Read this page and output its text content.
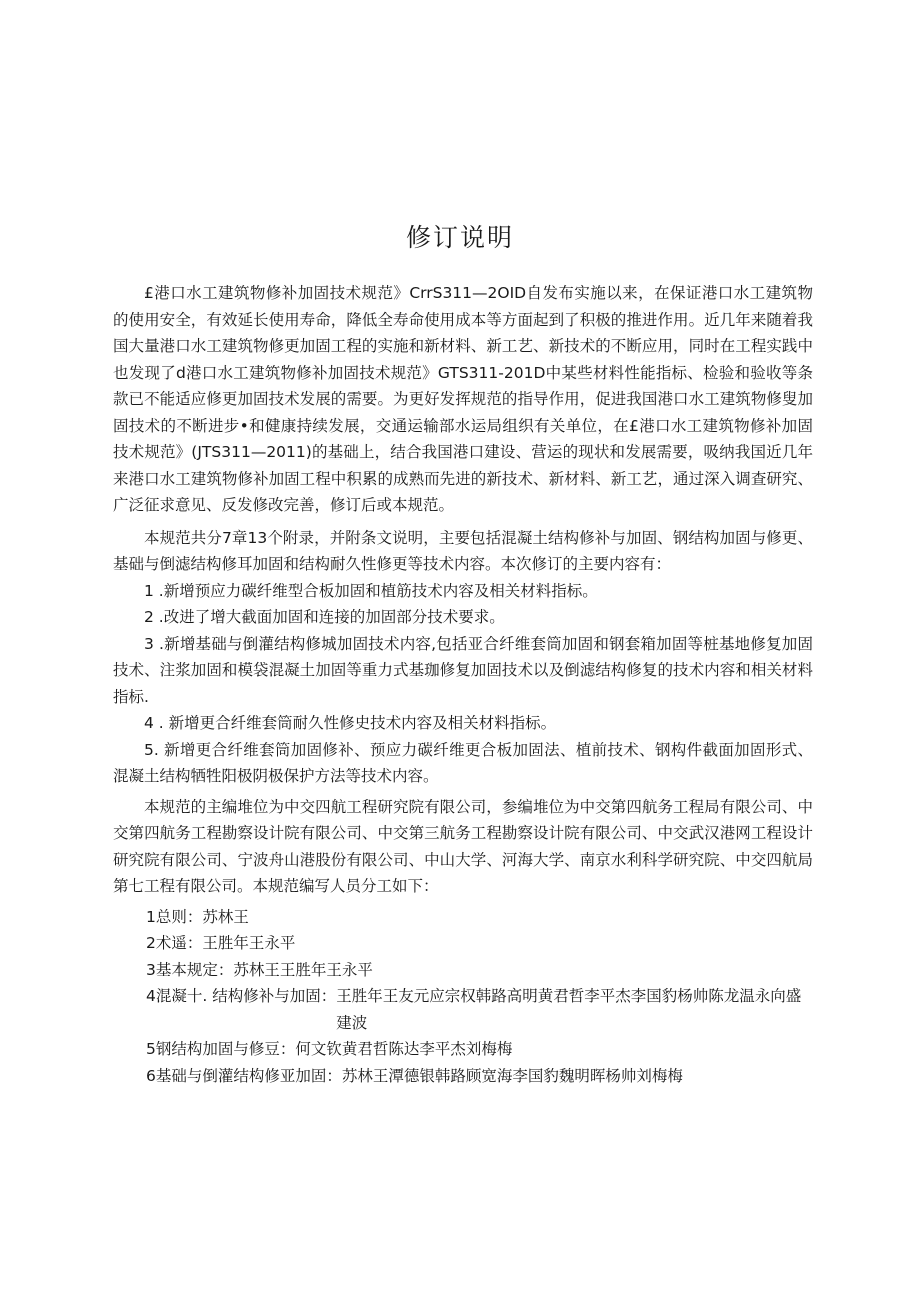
修订说明

£港口水工建筑物修补加固技术规范》CrrS311—2OID自发布实施以来，在保证港口水工建筑物的使用安全，有效延长使用寿命，降低全寿命使用成本等方面起到了积极的推进作用。近几年来随着我国大量港口水工建筑物修更加固工程的实施和新材料、新工艺、新技术的不断应用，同时在工程实践中也发现了d港口水工建筑物修补加固技术规范》GTS311-201D中某些材料性能指标、检验和验收等条款已不能适应修更加固技术发展的需要。为更好发挥规范的指导作用，促进我国港口水工建筑物修叟加固技术的不断进步•和健康持续发展，交通运输部水运局组织有关单位，在£港口水工建筑物修补加固技术规范》(JTS311—2011)的基础上，结合我国港口建设、营运的现状和发展需要，吸纳我国近几年来港口水工建筑物修补加固工程中积累的成熟而先进的新技术、新材料、新工艺，通过深入调查研究、广泛征求意见、反发修改完善，修订后或本规范。

本规范共分7章13个附录，并附条文说明，主要包括混凝土结构修补与加固、钢结构加固与修更、基础与倒滤结构修耳加固和结构耐久性修更等技术内容。本次修订的主要内容有：

1 .新增预应力碳纤维型合板加固和植筋技术内容及相关材料指标。

2 .改进了增大截面加固和连接的加固部分技术要求。

3 .新增基础与倒灌结构修城加固技术内容,包括亚合纤维套筒加固和钢套箱加固等桩基地修复加固技术、注浆加固和模袋混凝土加固等重力式基珈修复加固技术以及倒滤结构修复的技术内容和相关材料指标.

4 . 新增更合纤维套筒耐久性修史技术内容及相关材料指标。

5. 新增更合纤维套筒加固修补、预应力碳纤维更合板加固法、植前技术、钢构件截面加固形式、混凝土结构牺牲阳极阴极保护方法等技术内容。

本规范的主编堆位为中交四航工程研究院有限公司，参编堆位为中交第四航务工程局有限公司、中交第四航务工程勘察设计院有限公司、中交第三航务工程勘察设计院有限公司、中交武汉港网工程设计研究院有限公司、宁波舟山港股份有限公司、中山大学、河海大学、南京水利科学研究院、中交四航局第七工程有限公司。本规范编写人员分工如下：

1总则： 苏林王
2术遥： 王胜年王永平
3基本规定： 苏林王王胜年王永平
4混凝十. 结构修补与加固： 王胜年王友元应宗权韩路高明黄君哲李平杰李国豹杨帅陈龙温永向盛建波
5钢结构加固与修豆： 何文钦黄君哲陈达李平杰刘梅梅
6基础与倒灌结构修亚加固： 苏林王潭德银韩路顾宽海李国豹魏明晖杨帅刘梅梅
